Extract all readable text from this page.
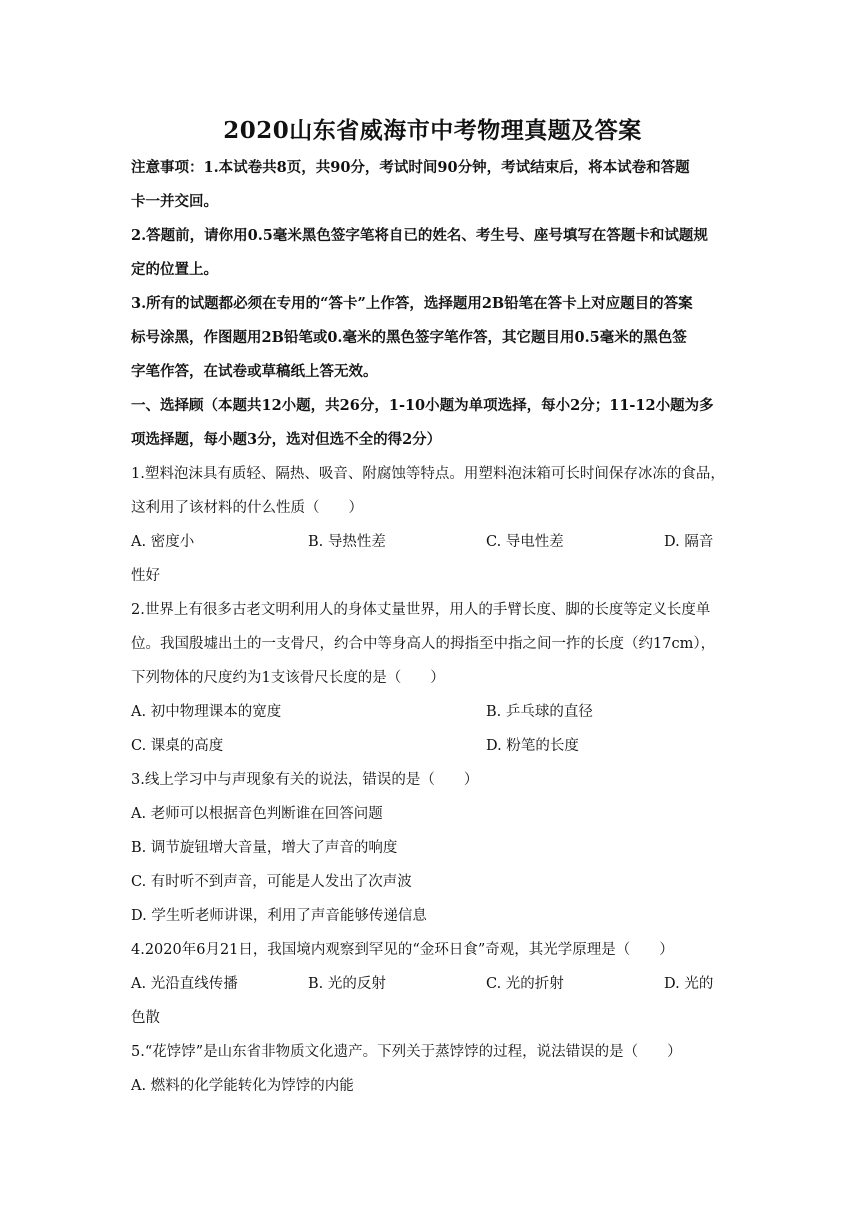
2020山东省威海市中考物理真题及答案
注意事项：1.本试卷共8页，共90分，考试时间90分钟，考试结束后，将本试卷和答题
卡一并交回。
2.答题前，请你用0.5毫米黑色签字笔将自已的姓名、考生号、座号填写在答题卡和试题规
定的位置上。
3.所有的试题都必须在专用的“答卡”上作答，选择题用2B铅笔在答卡上对应题目的答案
标号涂黑，作图题用2B铅笔或0.毫米的黑色签字笔作答，其它题目用0.5毫米的黑色签
字笔作答，在试卷或草稿纸上答无效。
一、选择顾（本题共12小题，共26分，1-10小题为单项选择，每小2分；11-12小题为多
项选择题，每小题3分，选对但选不全的得2分）
1.塑料泡沫具有质轻、隔热、吸音、附腐蚀等特点。用塑料泡沫箱可长时间保存冰冻的食品，
这利用了该材料的什么性质（　　）
A. 密度小	B. 导热性差	C. 导电性差	D. 隔音
性好
2.世界上有很多古老文明利用人的身体丈量世界，用人的手臂长度、脚的长度等定义长度单
位。我国殷墟出土的一支骨尺，约合中等身高人的拇指至中指之间一拃的长度（约17cm），
下列物体的尺度约为1支该骨尺长度的是（　　）
A. 初中物理课本的宽度	B. 乒乓球的直径
C. 课桌的高度	D. 粉笔的长度
3.线上学习中与声现象有关的说法，错误的是（　　）
A. 老师可以根据音色判断谁在回答问题
B. 调节旋钮增大音量，增大了声音的响度
C. 有时听不到声音，可能是人发出了次声波
D. 学生听老师讲课，利用了声音能够传递信息
4.2020年6月21日，我国境内观察到罕见的“金环日食”奇观，其光学原理是（　　）
A. 光沿直线传播	B. 光的反射	C. 光的折射	D. 光的
色散
5.“花饽饽”是山东省非物质文化遗产。下列关于蒸饽饽的过程，说法错误的是（　　）
A. 燃料的化学能转化为饽饽的内能
